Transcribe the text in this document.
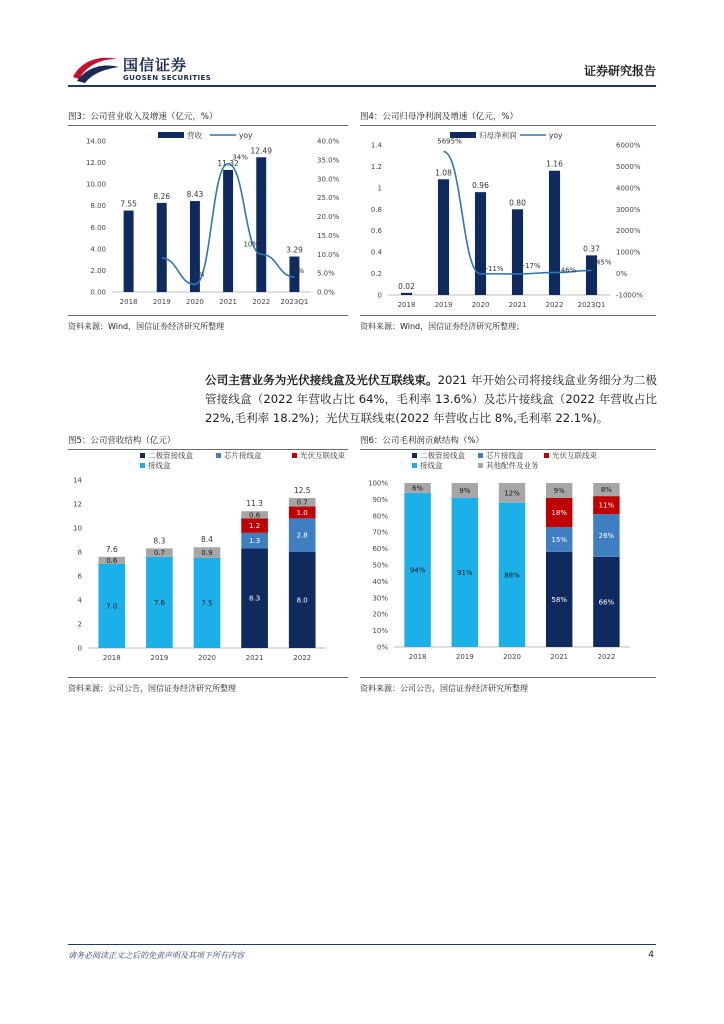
国信证券
GUOSEN SECURITIES	证券研究报告
图3：公司营业收入及增速（亿元，%）
营收	yoy
0.00
2.00
4.00
6.00
8.00
10.00
12.00
14.00
0.0%
5.0%
10.0%
15.0%
20.0%
25.0%
30.0%
35.0%
40.0%
7.55
2018
8.26
2019
8.43
2020
11.32
2021
12.49
2022
3.29
2023Q1
9%
2%
34%
10%
4%
资料来源：Wind，国信证券经济研究所整理
图4：公司归母净利润及增速（亿元，%）
归母净利润	yoy
0
0.2
0.4
0.6
0.8
1
1.2
1.4
-1000%
0%
1000%
2000%
3000%
4000%
5000%
6000%
0.02
2018
1.08
2019
0.96
2020
0.80
2021
1.16
2022
0.37
2023Q1
5695%
-11%	-17%
46%
145%
资料来源：Wind，国信证券经济研究所整理；
公司主营业务为光伏接线盒及光伏互联线束。2021 年开始公司将接线盒业务细分为二极管接线盒（2022 年营收占比 64%，毛利率 13.6%）及芯片接线盒（2022 年营收占比 22%,毛利率 18.2%)；光伏互联线束(2022 年营收占比 8%,毛利率 22.1%)。
图5：公司营收结构（亿元）
二极管接线盒	芯片接线盒	光伏互联线束
接线盒
0
2
4
6
8
10
12
14
7.0
0.6
7.6
2018
7.6
0.7
8.3
2019
7.5
0.9
8.4
2020
8.3
1.3
1.2
0.6
11.3
2021
8.0
2.8
1.0
0.7
12.5
2022
资料来源：公司公告，国信证券经济研究所整理
图6：公司毛利润贡献结构（%）
二极管接线盒	芯片接线盒	光伏互联线束
接线盒	其他配件及业务
0%
10%
20%
30%
40%
50%
60%
70%
80%
90%
100%
94%
6%
2018
91%
9%
2019
88%
12%
2020
58%
15%
18%
9%
2021
66%
26%
11%
8%
2022
资料来源：公司公告，国信证券经济研究所整理
请务必阅读正文之后的免责声明及其项下所有内容	4
